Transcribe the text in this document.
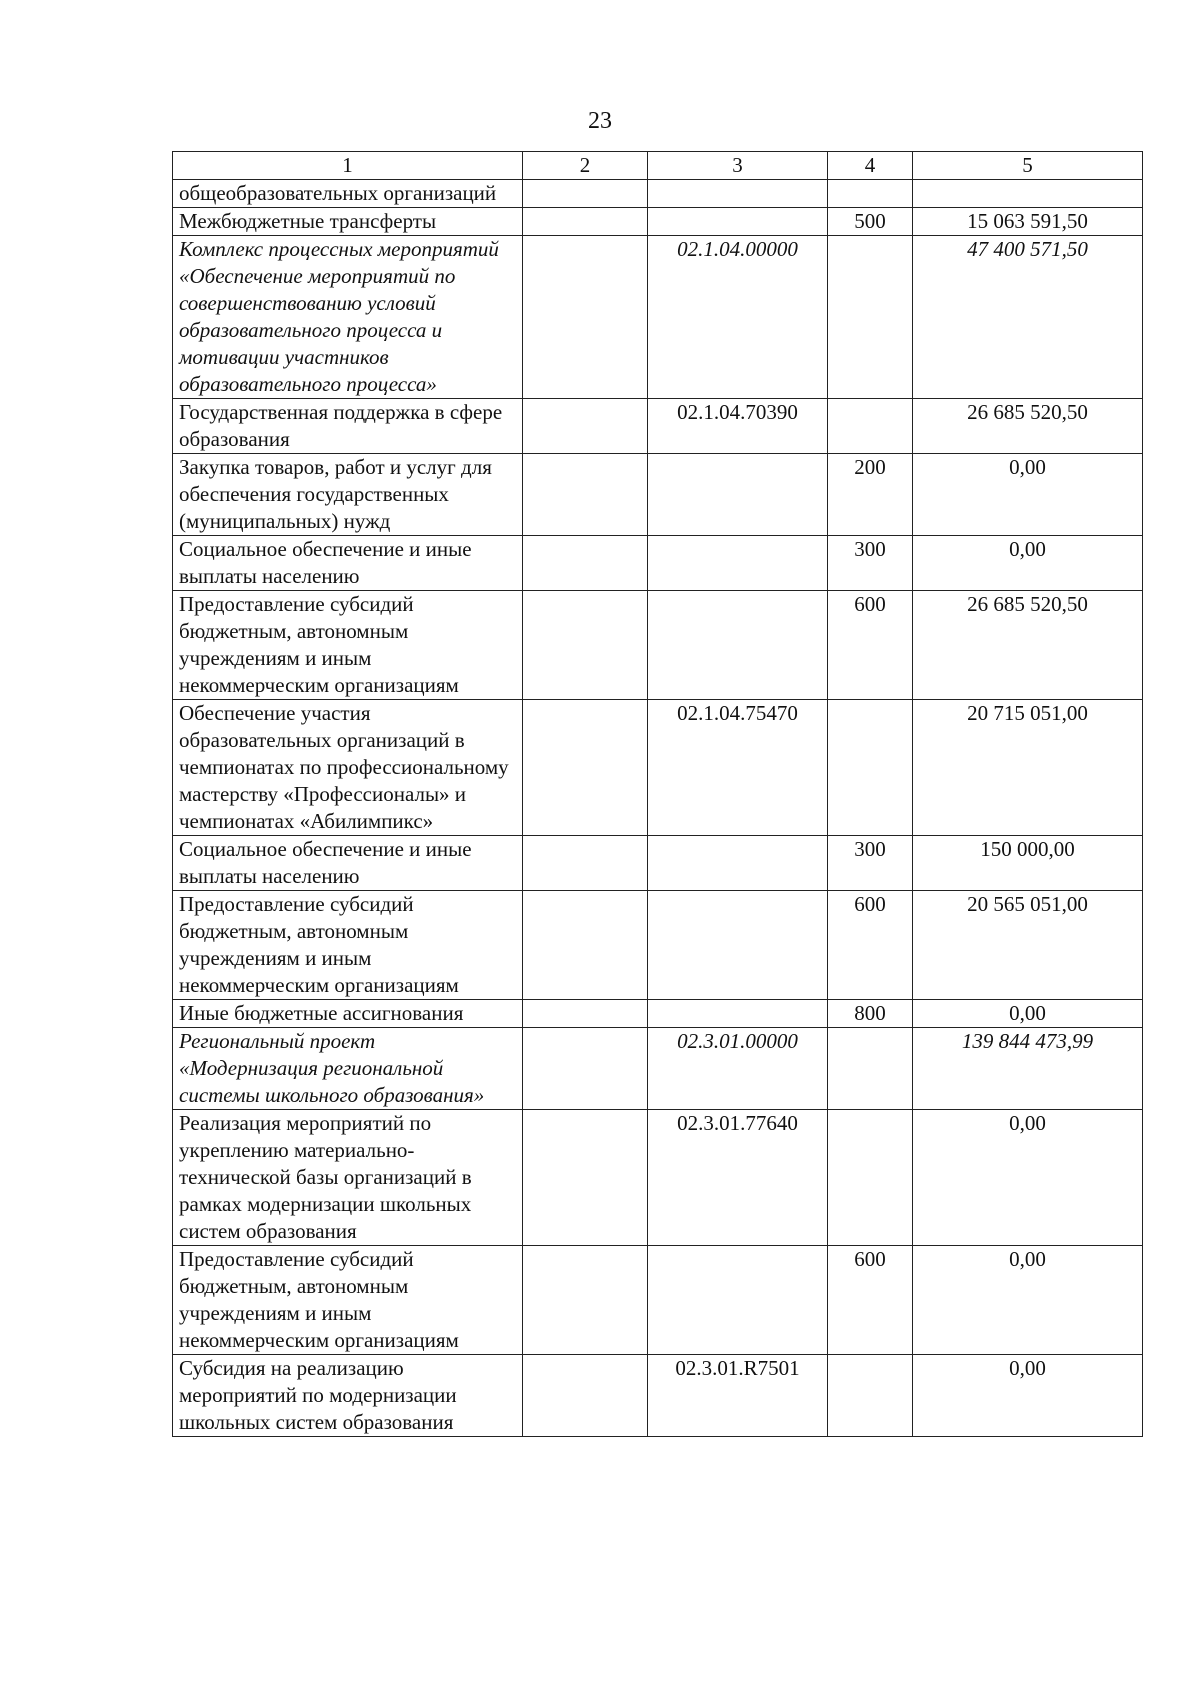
23
1	2	3	4	5
общеобразовательных организаций				
Межбюджетные трансферты			500	15 063 591,50
Комплекс процессных мероприятий «Обеспечение мероприятий по совершенствованию условий образовательного процесса и мотивации участников образовательного процесса»		02.1.04.00000		47 400 571,50
Государственная поддержка в сфере образования		02.1.04.70390		26 685 520,50
Закупка товаров, работ и услуг для обеспечения государственных (муниципальных) нужд			200	0,00
Социальное обеспечение и иные выплаты населению			300	0,00
Предоставление субсидий бюджетным, автономным учреждениям и иным некоммерческим организациям			600	26 685 520,50
Обеспечение участия образовательных организаций в чемпионатах по профессиональному мастерству «Профессионалы» и чемпионатах «Абилимпикс»		02.1.04.75470		20 715 051,00
Социальное обеспечение и иные выплаты населению			300	150 000,00
Предоставление субсидий бюджетным, автономным учреждениям и иным некоммерческим организациям			600	20 565 051,00
Иные бюджетные ассигнования			800	0,00
Региональный проект «Модернизация региональной системы школьного образования»		02.3.01.00000		139 844 473,99
Реализация мероприятий по укреплению материально-технической базы организаций в рамках модернизации школьных систем образования		02.3.01.77640		0,00
Предоставление субсидий бюджетным, автономным учреждениям и иным некоммерческим организациям			600	0,00
Субсидия на реализацию мероприятий по модернизации школьных систем образования		02.3.01.R7501		0,00
